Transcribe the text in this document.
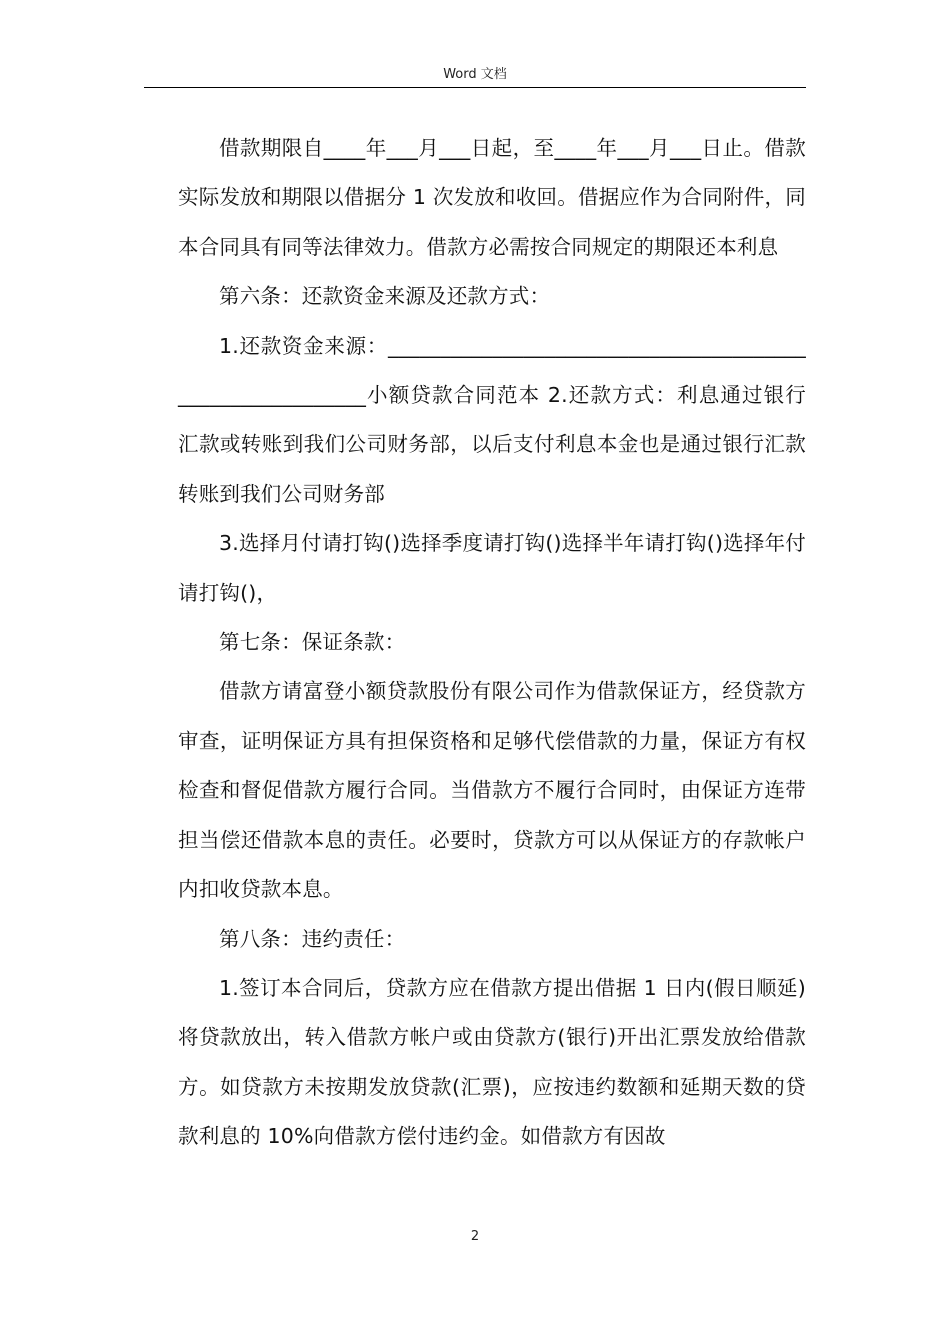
Word 文档

借款期限自____年___月___日起，至____年___月___日止。借款实际发放和期限以借据分 1 次发放和收回。借据应作为合同附件，同本合同具有同等法律效力。借款方必需按合同规定的期限还本利息

第六条：还款资金来源及还款方式：

1.还款资金来源：__________________________________________________________小额贷款合同范本 2.还款方式：利息通过银行汇款或转账到我们公司财务部，以后支付利息本金也是通过银行汇款转账到我们公司财务部

3.选择月付请打钩()选择季度请打钩()选择半年请打钩()选择年付请打钩()，

第七条：保证条款：

借款方请富登小额贷款股份有限公司作为借款保证方，经贷款方审查，证明保证方具有担保资格和足够代偿借款的力量，保证方有权检查和督促借款方履行合同。当借款方不履行合同时，由保证方连带担当偿还借款本息的责任。必要时，贷款方可以从保证方的存款帐户内扣收贷款本息。

第八条：违约责任：

1.签订本合同后，贷款方应在借款方提出借据 1 日内(假日顺延)将贷款放出，转入借款方帐户或由贷款方(银行)开出汇票发放给借款方。如贷款方未按期发放贷款(汇票)，应按违约数额和延期天数的贷款利息的 10%向借款方偿付违约金。如借款方有因故

2
